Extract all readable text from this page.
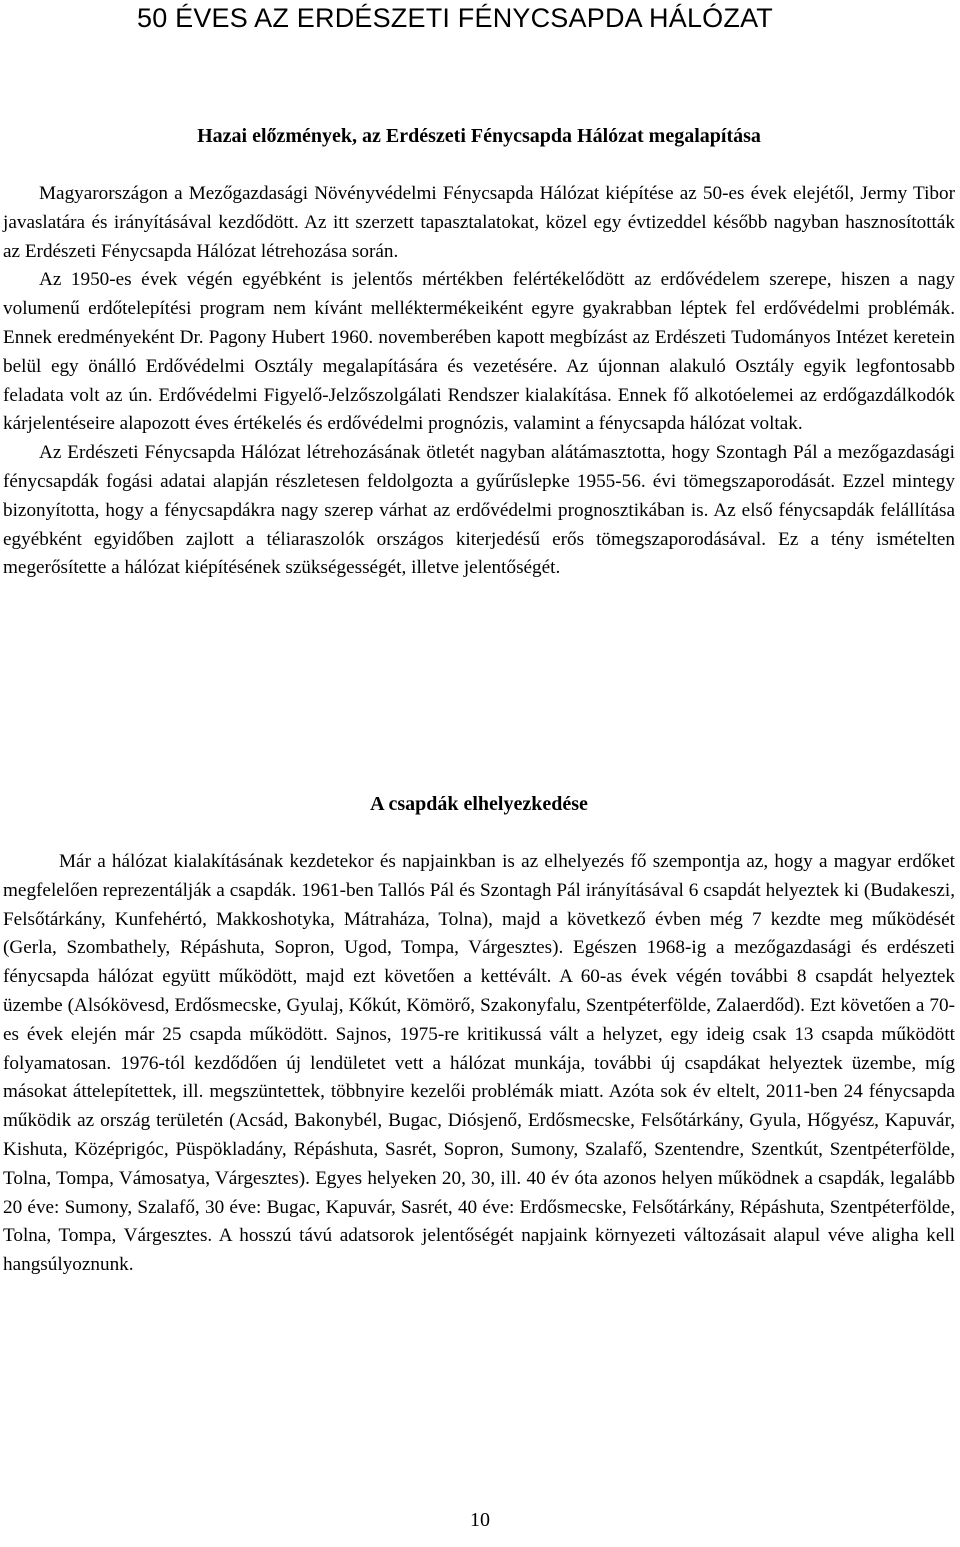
50 ÉVES AZ ERDÉSZETI FÉNYCSAPDA HÁLÓZAT
Hazai előzmények, az Erdészeti Fénycsapda Hálózat megalapítása

Magyarországon a Mezőgazdasági Növényvédelmi Fénycsapda Hálózat kiépítése az 50-es évek elejétől, Jermy Tibor javaslatára és irányításával kezdődött. Az itt szerzett tapasztalatokat, közel egy évtizeddel később nagyban hasznosították az Erdészeti Fénycsapda Hálózat létrehozása során.

Az 1950-es évek végén egyébként is jelentős mértékben felértékelődött az erdővédelem szerepe, hiszen a nagy volumenű erdőtelepítési program nem kívánt melléktermékeiként egyre gyakrabban léptek fel erdővédelmi problémák. Ennek eredményeként Dr. Pagony Hubert 1960. novemberében kapott megbízást az Erdészeti Tudományos Intézet keretein belül egy önálló Erdővédelmi Osztály megalapítására és vezetésére. Az újonnan alakuló Osztály egyik legfontosabb feladata volt az ún. Erdővédelmi Figyelő-Jelzőszolgálati Rendszer kialakítása. Ennek fő alkotóelemei az erdőgazdálkodók kárjelentéseire alapozott éves értékelés és erdővédelmi prognózis, valamint a fénycsapda hálózat voltak.

Az Erdészeti Fénycsapda Hálózat létrehozásának ötletét nagyban alátámasztotta, hogy Szontagh Pál a mezőgazdasági fénycsapdák fogási adatai alapján részletesen feldolgozta a gyűrűslepke 1955-56. évi tömegszaporodását. Ezzel mintegy bizonyította, hogy a fénycsapdákra nagy szerep várhat az erdővédelmi prognosztikában is. Az első fénycsapdák felállítása egyébként egyidőben zajlott a téliaraszolók országos kiterjedésű erős tömegszaporodásával. Ez a tény ismételten megerősítette a hálózat kiépítésének szükségességét, illetve jelentőségét.

A csapdák elhelyezkedése

Már a hálózat kialakításának kezdetekor és napjainkban is az elhelyezés fő szempontja az, hogy a magyar erdőket megfelelően reprezentálják a csapdák. 1961-ben Tallós Pál és Szontagh Pál irányításával 6 csapdát helyeztek ki (Budakeszi, Felsőtárkány, Kunfehértó, Makkoshotyka, Mátraháza, Tolna), majd a következő évben még 7 kezdte meg működését (Gerla, Szombathely, Répáshuta, Sopron, Ugod, Tompa, Várgesztes). Egészen 1968-ig a mezőgazdasági és erdészeti fénycsapda hálózat együtt működött, majd ezt követően a kettévált. A 60-as évek végén további 8 csapdát helyeztek üzembe (Alsókövesd, Erdősmecske, Gyulaj, Kőkút, Kömörő, Szakonyfalu, Szentpéterfölde, Zalaerdőd). Ezt követően a 70-es évek elején már 25 csapda működött. Sajnos, 1975-re kritikussá vált a helyzet, egy ideig csak 13 csapda működött folyamatosan. 1976-tól kezdődően új lendületet vett a hálózat munkája, további új csapdákat helyeztek üzembe, míg másokat áttelepítettek, ill. megszüntettek, többnyire kezelői problémák miatt. Azóta sok év eltelt, 2011-ben 24 fénycsapda működik az ország területén (Acsád, Bakonybél, Bugac, Diósjenő, Erdősmecske, Felsőtárkány, Gyula, Hőgyész, Kapuvár, Kishuta, Középrigóc, Püspökladány, Répáshuta, Sasrét, Sopron, Sumony, Szalafő, Szentendre, Szentkút, Szentpéterfölde, Tolna, Tompa, Vámosatya, Várgesztes). Egyes helyeken 20, 30, ill. 40 év óta azonos helyen működnek a csapdák, legalább 20 éve: Sumony, Szalafő, 30 éve: Bugac, Kapuvár, Sasrét, 40 éve: Erdősmecske, Felsőtárkány, Répáshuta, Szentpéterfölde, Tolna, Tompa, Várgesztes. A hosszú távú adatsorok jelentőségét napjaink környezeti változásait alapul véve aligha kell hangsúlyoznunk.

10
